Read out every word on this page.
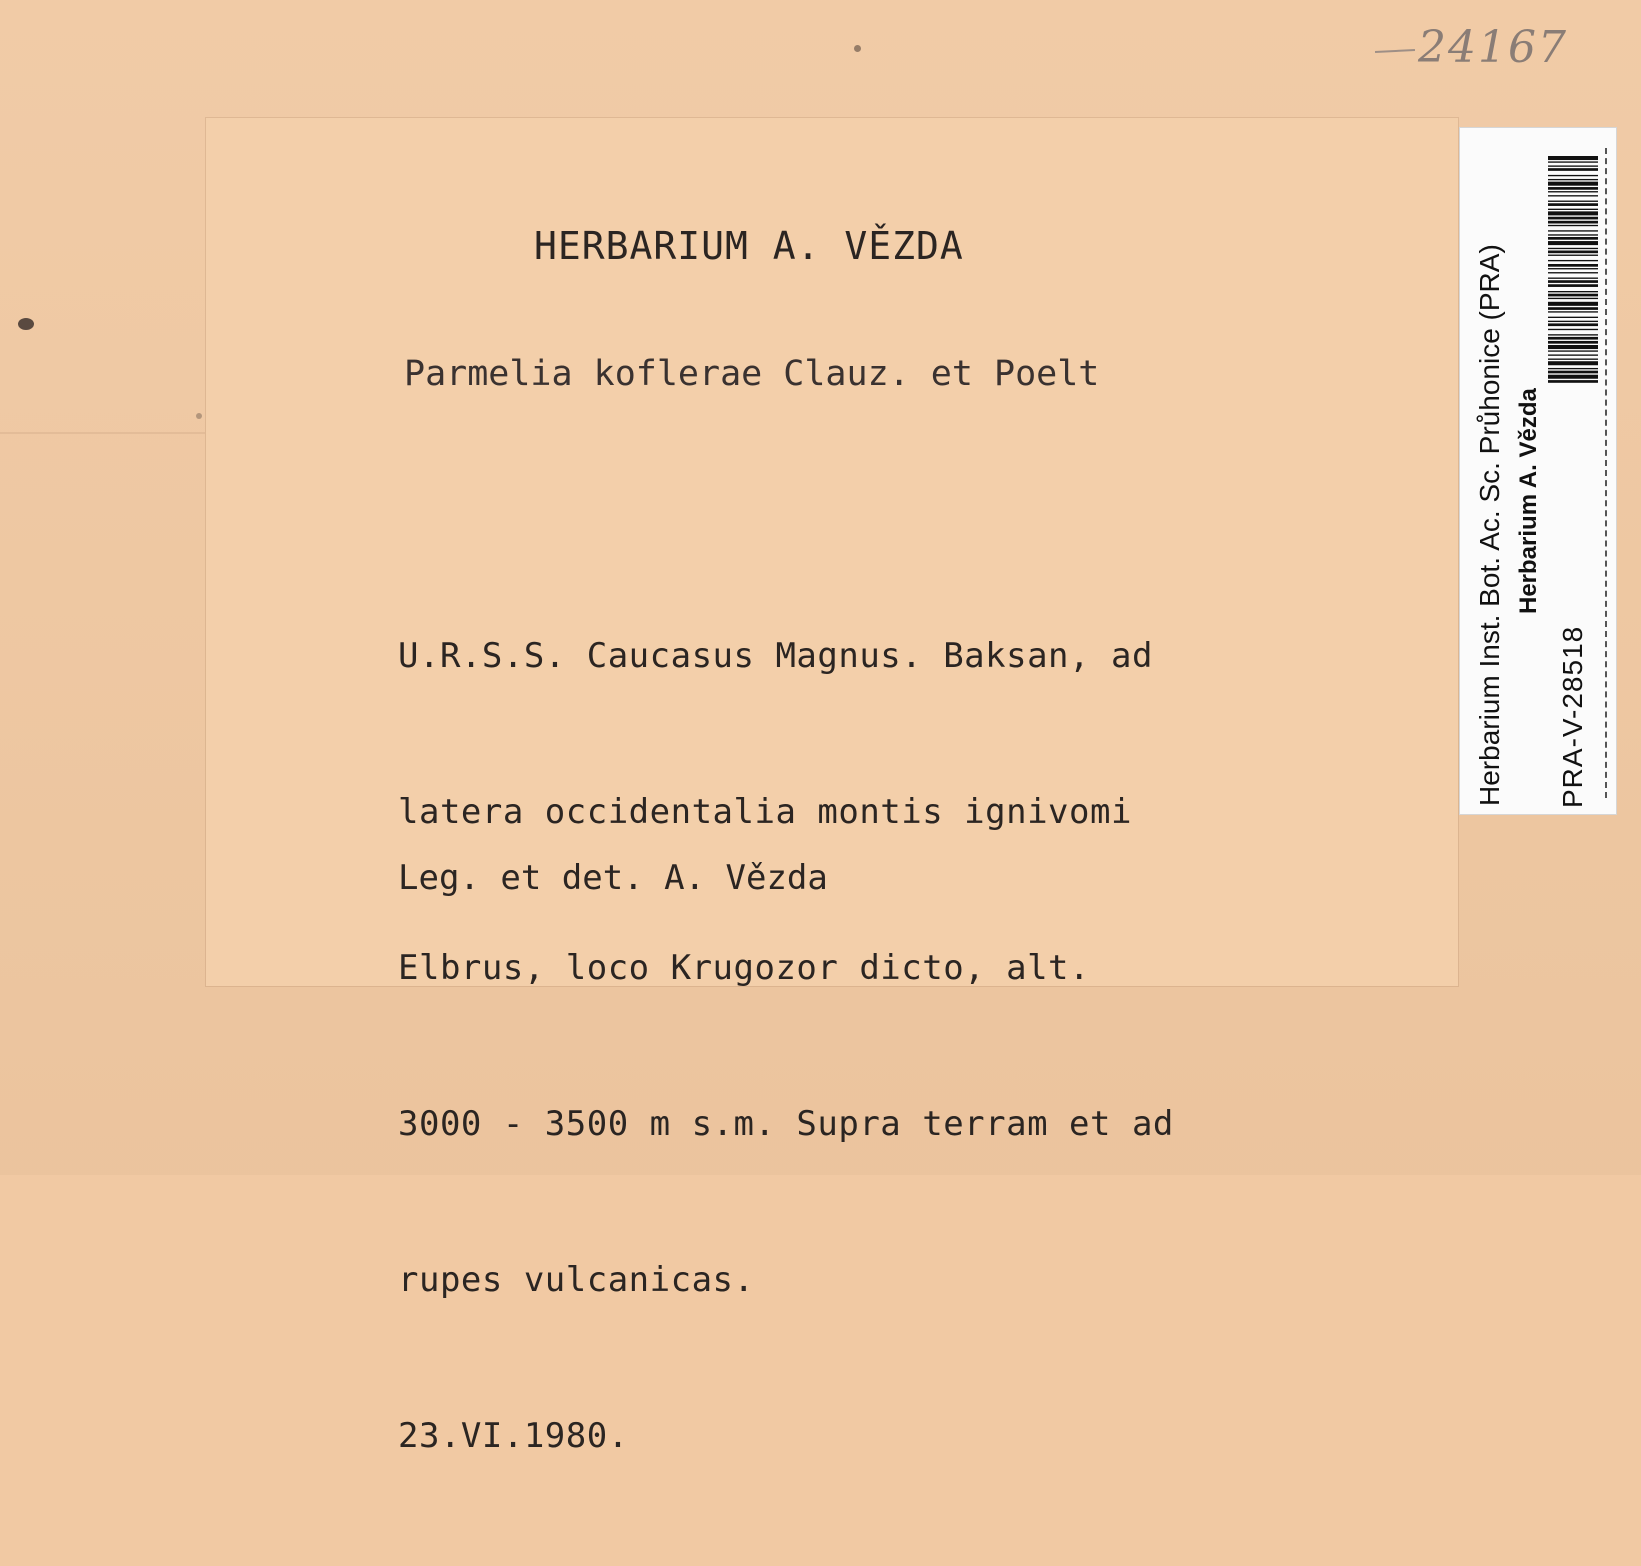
24167
HERBARIUM A. VĚZDA
Parmelia koflerae Clauz. et Poelt

U.R.S.S. Caucasus Magnus. Baksan, ad

latera occidentalia montis ignivomi

Elbrus, loco Krugozor dicto, alt.

3000 - 3500 m s.m. Supra terram et ad

rupes vulcanicas.

23.VI.1980.

Leg. et det. A. Vězda
Herbarium Inst. Bot. Ac. Sc. Průhonice (PRA) Herbarium A. Vězda
PRA-V-28518
